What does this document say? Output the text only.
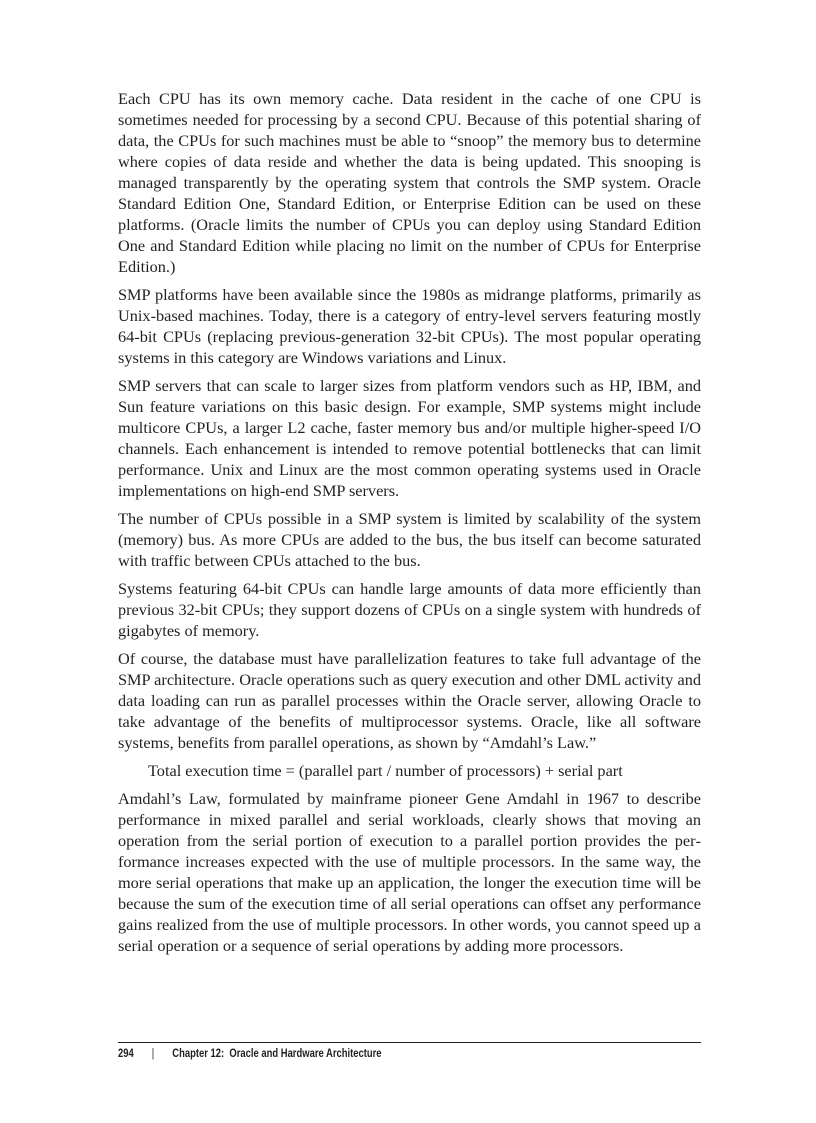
Each CPU has its own memory cache. Data resident in the cache of one CPU is sometimes needed for processing by a second CPU. Because of this potential sharing of data, the CPUs for such machines must be able to “snoop” the memory bus to determine where copies of data reside and whether the data is being updated. This snooping is managed transparently by the operating system that controls the SMP system. Oracle Standard Edition One, Standard Edition, or Enterprise Edition can be used on these platforms. (Oracle limits the number of CPUs you can deploy using Standard Edition One and Standard Edition while placing no limit on the number of CPUs for Enterprise Edition.)

SMP platforms have been available since the 1980s as midrange platforms, primarily as Unix-based machines. Today, there is a category of entry-level servers featuring mostly 64-bit CPUs (replacing previous-generation 32-bit CPUs). The most popular operating systems in this category are Windows variations and Linux.

SMP servers that can scale to larger sizes from platform vendors such as HP, IBM, and Sun feature variations on this basic design. For example, SMP systems might include multicore CPUs, a larger L2 cache, faster memory bus and/or multiple higher-speed I/O channels. Each enhancement is intended to remove potential bottlenecks that can limit performance. Unix and Linux are the most common operating systems used in Oracle implementations on high-end SMP servers.

The number of CPUs possible in a SMP system is limited by scalability of the system (memory) bus. As more CPUs are added to the bus, the bus itself can become saturated with traffic between CPUs attached to the bus.

Systems featuring 64-bit CPUs can handle large amounts of data more efficiently than previous 32-bit CPUs; they support dozens of CPUs on a single system with hundreds of gigabytes of memory.

Of course, the database must have parallelization features to take full advantage of the SMP architecture. Oracle operations such as query execution and other DML activity and data loading can run as parallel processes within the Oracle server, allowing Oracle to take advantage of the benefits of multiprocessor systems. Oracle, like all software systems, benefits from parallel operations, as shown by “Amdahl’s Law.”

Total execution time = (parallel part / number of processors) + serial part

Amdahl’s Law, formulated by mainframe pioneer Gene Amdahl in 1967 to describe performance in mixed parallel and serial workloads, clearly shows that moving an operation from the serial portion of execution to a parallel portion provides the performance increases expected with the use of multiple processors. In the same way, the more serial operations that make up an application, the longer the execution time will be because the sum of the execution time of all serial operations can offset any performance gains realized from the use of multiple processors. In other words, you cannot speed up a serial operation or a sequence of serial operations by adding more processors.

294 | Chapter 12:  Oracle and Hardware Architecture
